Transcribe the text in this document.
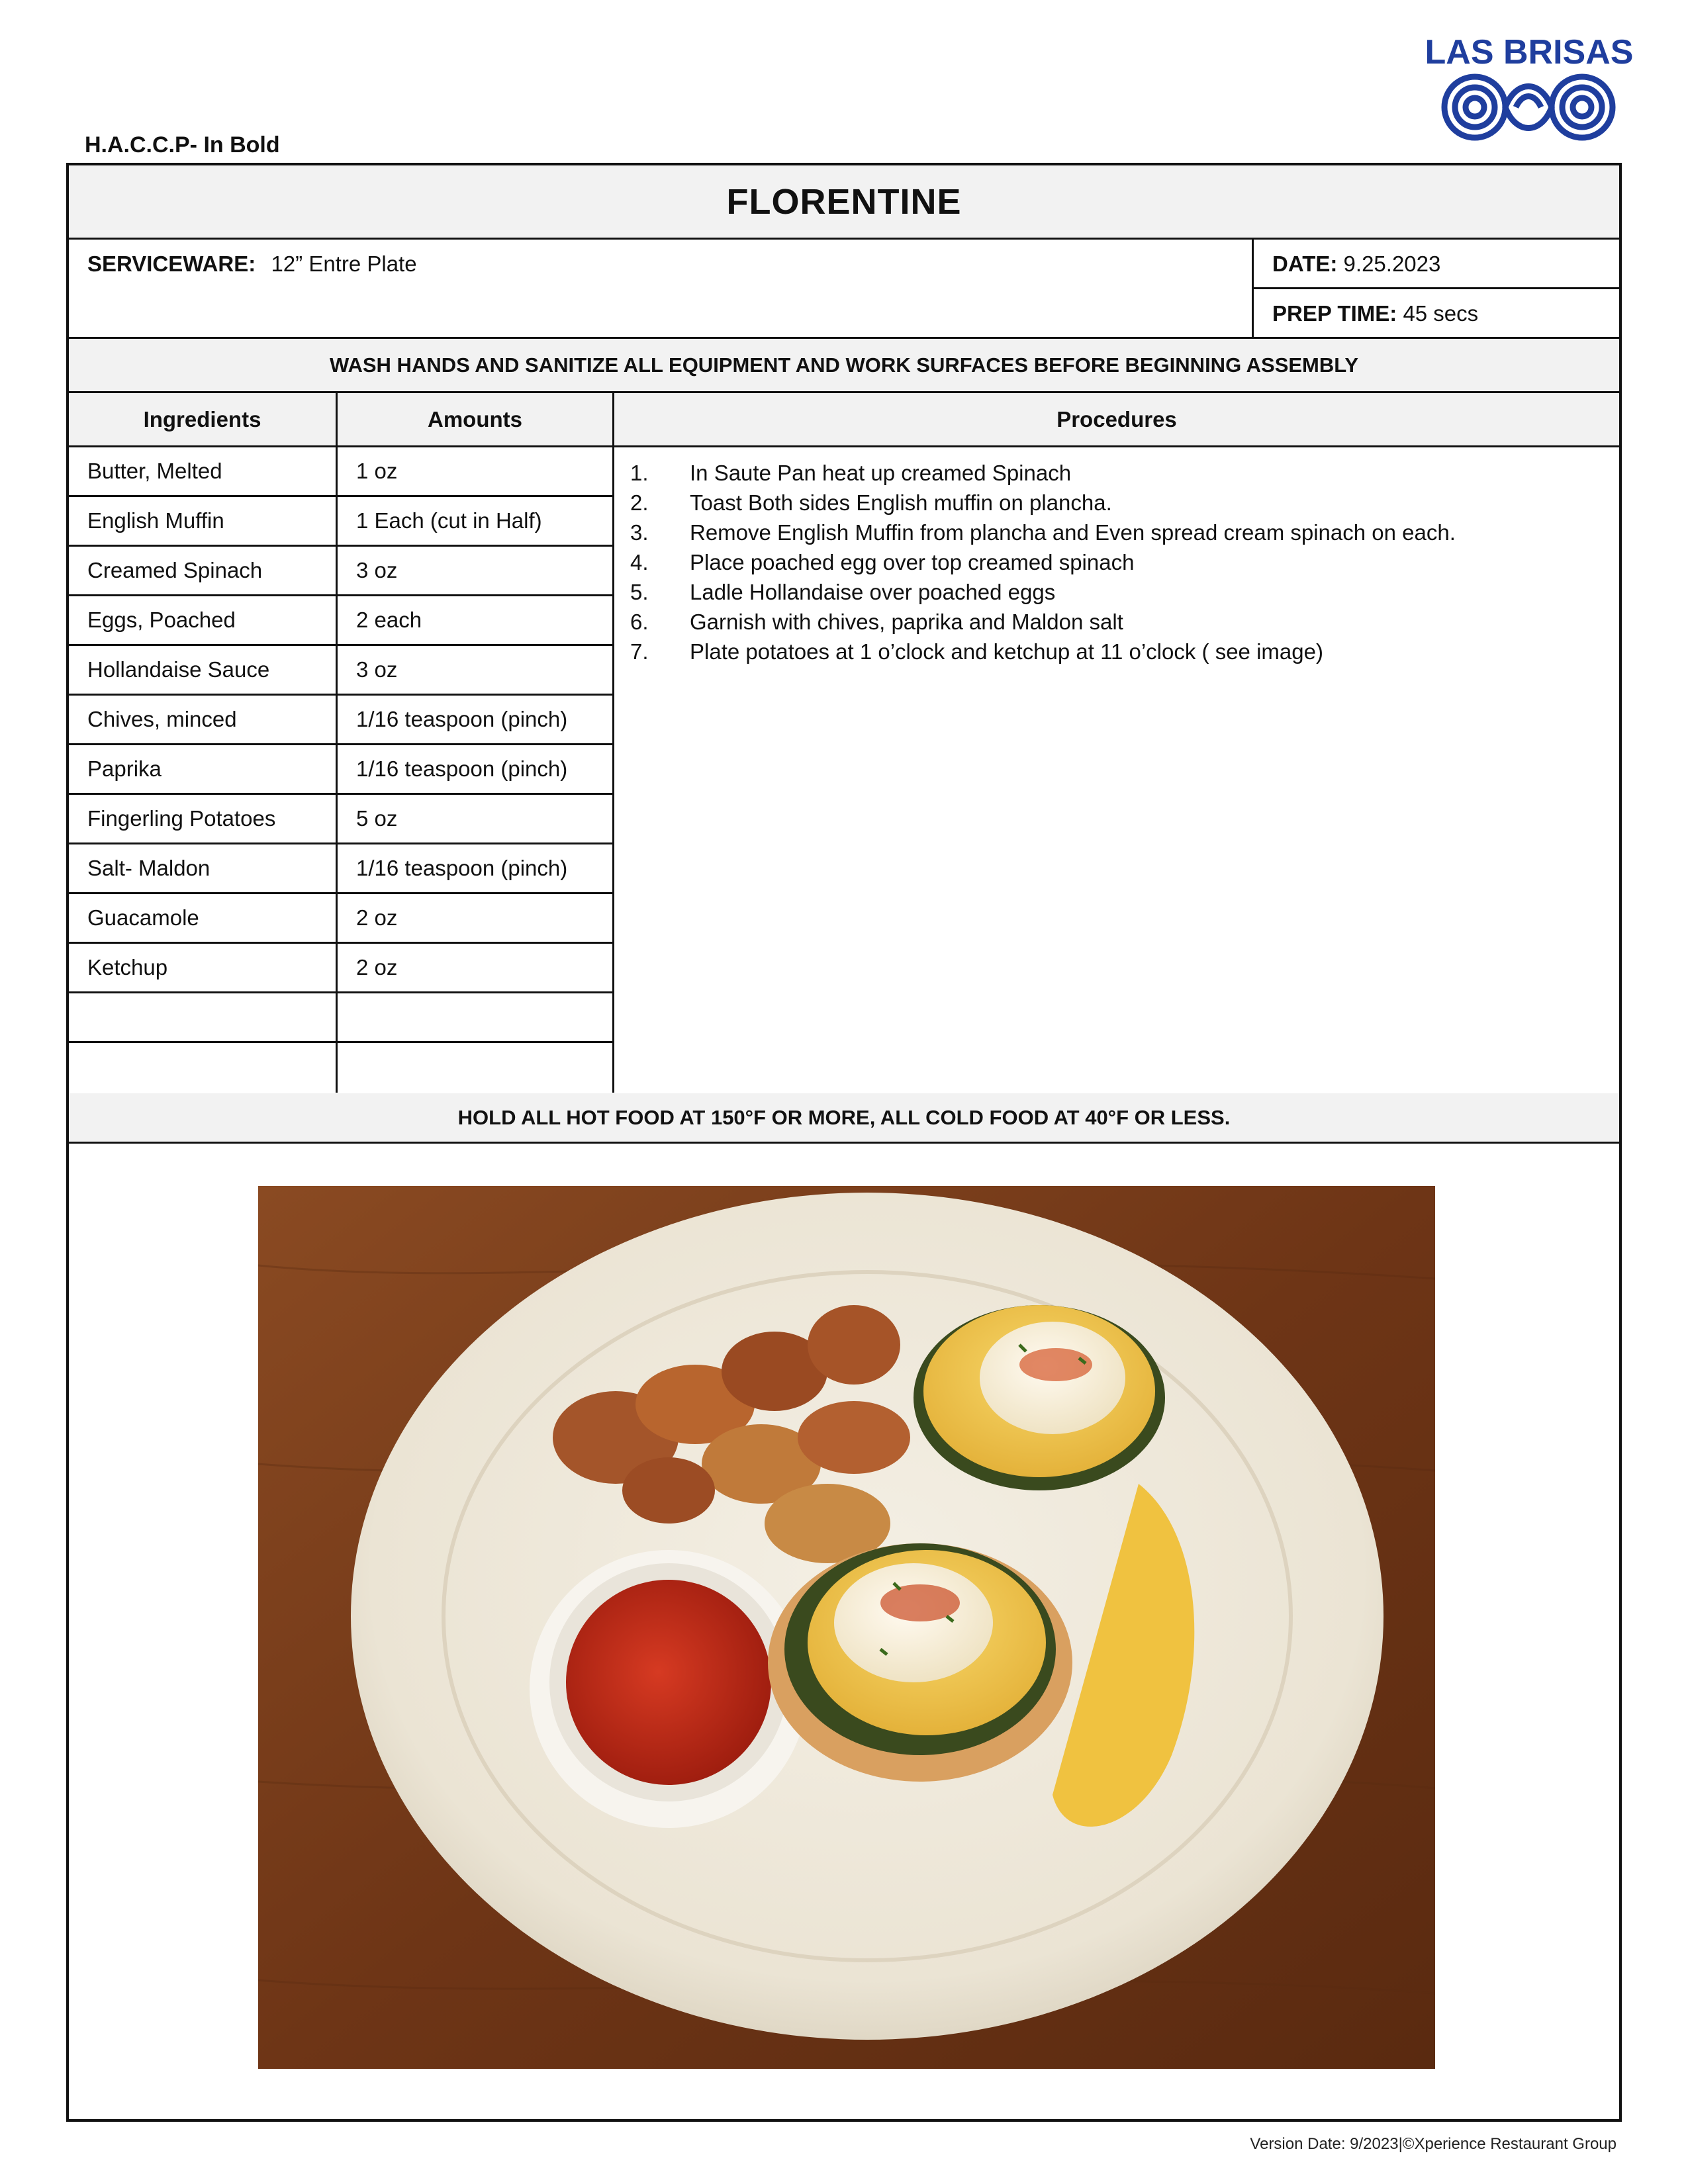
LAS BRISAS
H.A.C.C.P- In Bold
FLORENTINE
SERVICEWARE: 12” Entre Plate	DATE: 9.25.2023
PREP TIME: 45 secs
WASH HANDS AND SANITIZE ALL EQUIPMENT AND WORK SURFACES BEFORE BEGINNING ASSEMBLY
Ingredients	Amounts	Procedures
Butter, Melted	1 oz
English Muffin	1 Each (cut in Half)
Creamed Spinach	3 oz
Eggs, Poached	2 each
Hollandaise Sauce	3 oz
Chives, minced	1/16 teaspoon (pinch)
Paprika	1/16 teaspoon (pinch)
Fingerling Potatoes	5 oz
Salt- Maldon	1/16 teaspoon (pinch)
Guacamole	2 oz
Ketchup	2 oz
1.	In Saute Pan heat up creamed Spinach
2.	Toast Both sides English muffin on plancha.
3.	Remove English Muffin from plancha and Even spread cream spinach on each.
4.	Place poached egg over top creamed spinach
5.	Ladle Hollandaise over poached eggs
6.	Garnish with chives, paprika and Maldon salt
7.	Plate potatoes at 1 o’clock and ketchup at 11 o’clock ( see image)
HOLD ALL HOT FOOD AT 150°F OR MORE, ALL COLD FOOD AT 40°F OR LESS.
Version Date: 9/2023|©Xperience Restaurant Group
